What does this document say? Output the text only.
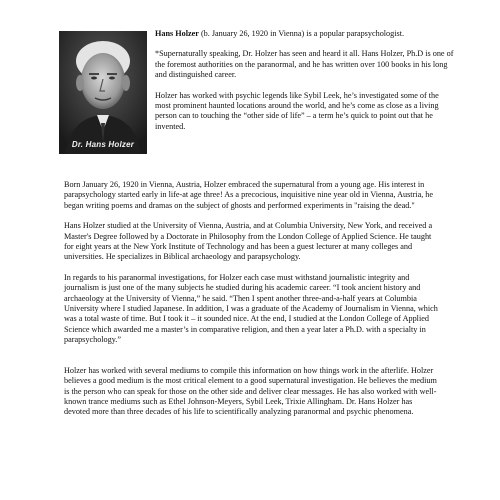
Dr. Hans Holzer

Hans Holzer (b. January 26, 1920 in Vienna) is a popular parapsychologist.

*Supernaturally speaking, Dr. Holzer has seen and heard it all. Hans Holzer, Ph.D is one of the foremost authorities on the paranormal, and he has written over 100 books in his long and distinguished career.

Holzer has worked with psychic legends like Sybil Leek, he’s investigated some of the most prominent haunted locations around the world, and he’s come as close as a living person can to touching the “other side of life” – a term he’s quick to point out that he invented.

Born January 26, 1920 in Vienna, Austria, Holzer embraced the supernatural from a young age. His interest in parapsychology started early in life-at age three! As a precocious, inquisitive nine year old in Vienna, Austria, he began writing poems and dramas on the subject of ghosts and performed experiments in "raising the dead."

Hans Holzer studied at the University of Vienna, Austria, and at Columbia University, New York, and received a Master's Degree followed by a Doctorate in Philosophy from the London College of Applied Science. He taught for eight years at the New York Institute of Technology and has been a guest lecturer at many colleges and universities. He specializes in Biblical archaeology and parapsychology.

In regards to his paranormal investigations, for Holzer each case must withstand journalistic integrity and journalism is just one of the many subjects he studied during his academic career. “I took ancient history and archaeology at the University of Vienna,” he said. “Then I spent another three-and-a-half years at Columbia University where I studied Japanese. In addition, I was a graduate of the Academy of Journalism in Vienna, which was a total waste of time. But I took it – it sounded nice. At the end, I studied at the London College of Applied Science which awarded me a master’s in comparative religion, and then a year later a Ph.D. with a specialty in parapsychology.”

Holzer has worked with several mediums to compile this information on how things work in the afterlife. Holzer believes a good medium is the most critical element to a good supernatural investigation. He believes the medium is the person who can speak for those on the other side and deliver clear messages. He has also worked with well-known trance mediums such as Ethel Johnson-Meyers, Sybil Leek, Trixie Allingham. Dr. Hans Holzer has devoted more than three decades of his life to scientifically analyzing paranormal and psychic phenomena.
